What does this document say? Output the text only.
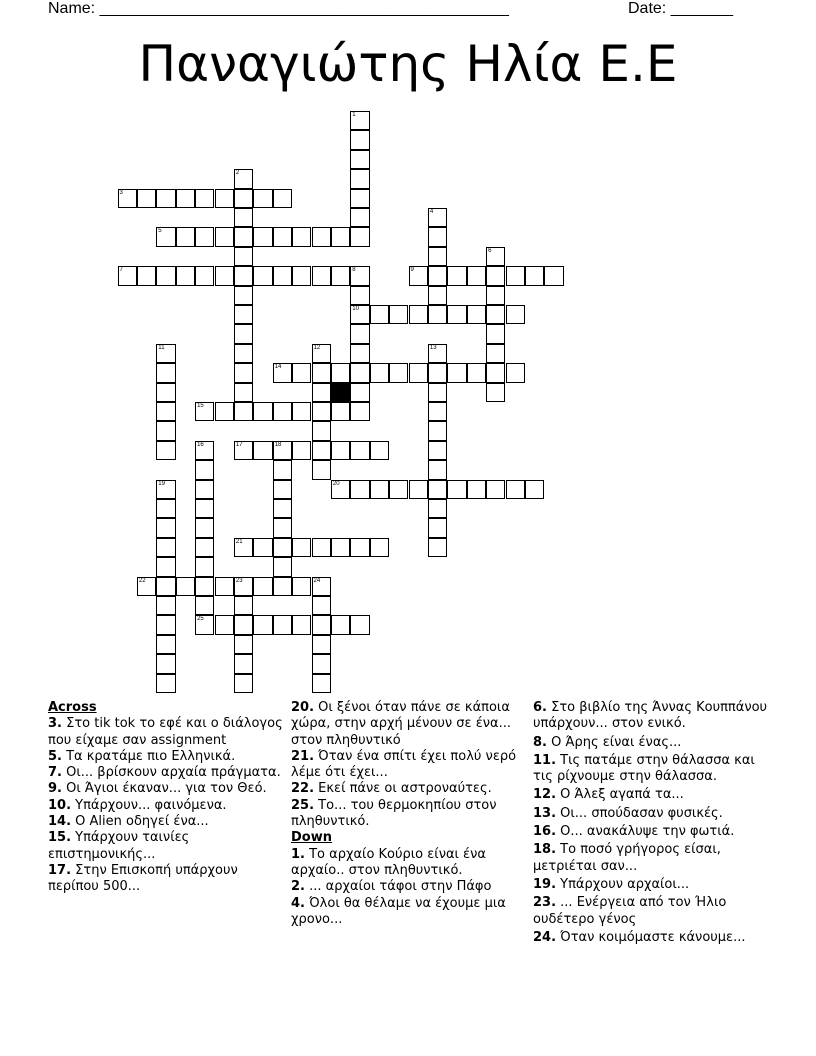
Name: ______________________________________________	Date: _______
Παναγιώτης Ηλία Ε.Ε
1
2
3
4
5
6
7	8
10
9
11	12	13
14
15
16	17	18
19	20
21
22	23	24
25
Across
3. Στο tik tok το εφέ και ο διάλογος που είχαμε σαν assignment
5. Τα κρατάμε πιο Ελληνικά.
7. Οι... βρίσκουν αρχαία πράγματα.
9. Οι Άγιοι έκαναν... για τον Θεό.
10. Υπάρχουν... φαινόμενα.
14. Ο Alien οδηγεί ένα...
15. Υπάρχουν ταινίες επιστημονικής...
17. Στην Επισκοπή υπάρχουν περίπου 500...
20. Οι ξένοι όταν πάνε σε κάποια χώρα, στην αρχή μένουν σε ένα... στον πληθυντικό
21. Όταν ένα σπίτι έχει πολύ νερό λέμε ότι έχει...
22. Εκεί πάνε οι αστροναύτες.
25. Το... του θερμοκηπίου στον πληθυντικό.
Down
1. Το αρχαίο Κούριο είναι ένα αρχαίο.. στον πληθυντικό.
2. ... αρχαίοι τάφοι στην Πάφο
4. Όλοι θα θέλαμε να έχουμε μια χρονο...
6. Στο βιβλίο της Άννας Κουππάνου υπάρχουν... στον ενικό.
8. Ο Άρης είναι ένας...
11. Τις πατάμε στην θάλασσα και τις ρίχνουμε στην θάλασσα.
12. Ο Άλεξ αγαπά τα...
13. Οι... σπούδασαν φυσικές.
16. Ο... ανακάλυψε την φωτιά.
18. Το ποσό γρήγορος είσαι, μετριέται σαν...
19. Υπάρχουν αρχαίοι...
23. ... Ενέργεια από τον Ήλιο ουδέτερο γένος
24. Όταν κοιμόμαστε κάνουμε...
